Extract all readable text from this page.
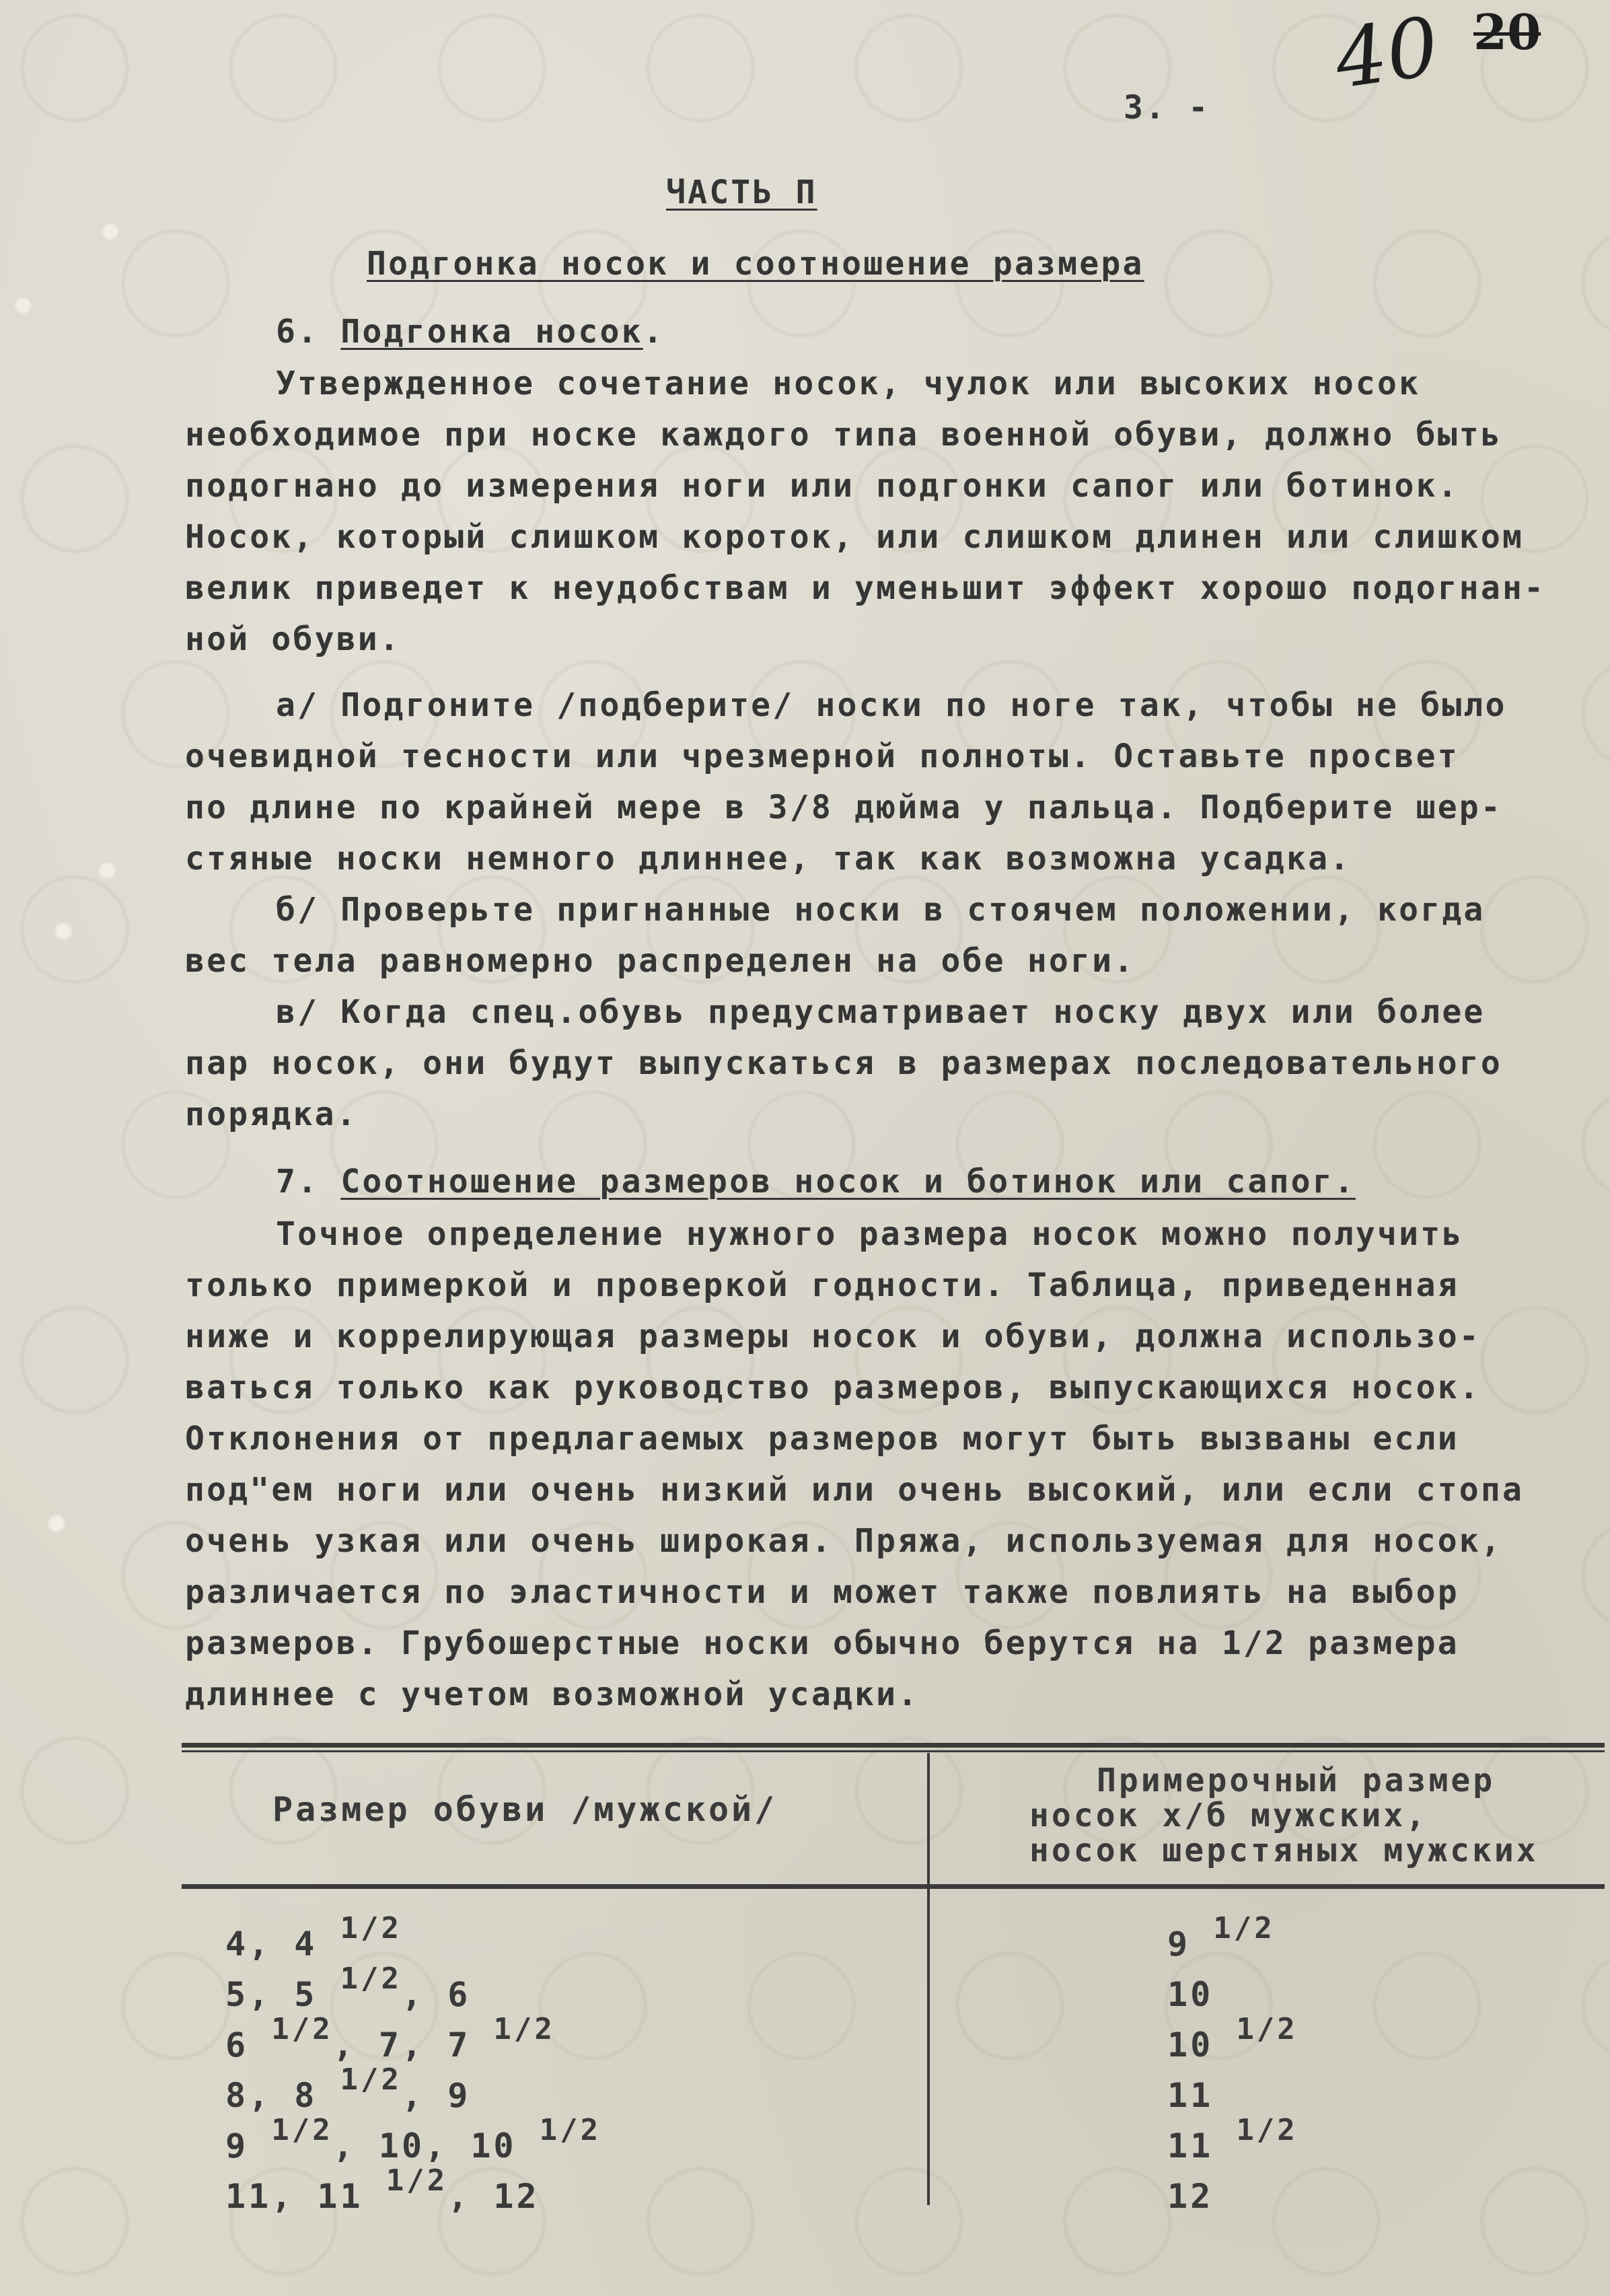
40 20
3. -
ЧАСТЬ П
Подгонка носок и соотношение размера
6. Подгонка носок.
Утвержденное сочетание носок, чулок или высоких носок
необходимое при носке каждого типа военной обуви, должно быть
подогнано до измерения ноги или подгонки сапог или ботинок.
Носок, который слишком короток, или слишком длинен или слишком
велик приведет к неудобствам и уменьшит эффект хорошо подогнан-
ной обуви.
а/ Подгоните /подберите/ носки по ноге так, чтобы не было
очевидной тесности или чрезмерной полноты. Оставьте просвет
по длине по крайней мере в 3/8 дюйма у пальца. Подберите шер-
стяные носки немного длиннее, так как возможна усадка.
б/ Проверьте пригнанные носки в стоячем положении, когда
вес тела равномерно распределен на обе ноги.
в/ Когда спец.обувь предусматривает носку двух или более
пар носок, они будут выпускаться в размерах последовательного
порядка.
7. Соотношение размеров носок и ботинок или сапог.
Точное определение нужного размера носок можно получить
только примеркой и проверкой годности. Таблица, приведенная
ниже и коррелирующая размеры носок и обуви, должна использо-
ваться только как руководство размеров, выпускающихся носок.
Отклонения от предлагаемых размеров могут быть вызваны если
под"ем ноги или очень низкий или очень высокий, или если стопа
очень узкая или очень широкая. Пряжа, используемая для носок,
различается по эластичности и может также повлиять на выбор
размеров. Грубошерстные носки обычно берутся на 1/2 размера
длиннее с учетом возможной усадки.
Размер обуви /мужской/
Примерочный размер
носок х/б мужских,
носок шерстяных мужских
4, 4 1/2	9 1/2
5, 5 1/2, 6	10
6 1/2, 7, 7 1/2	10 1/2
8, 8 1/2, 9	11
9 1/2, 10, 10 1/2	11 1/2
11, 11 1/2, 12	12
